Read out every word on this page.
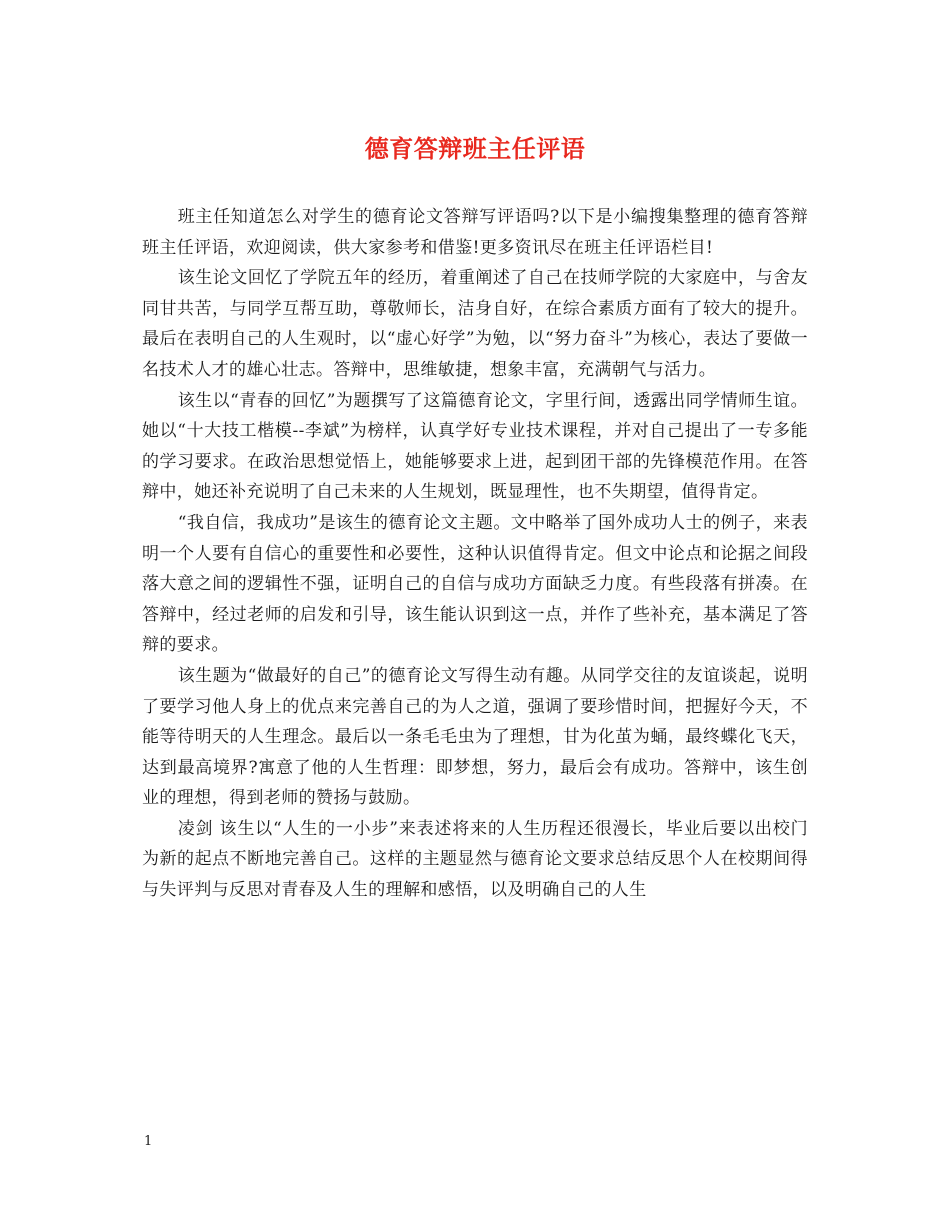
德育答辩班主任评语

班主任知道怎么对学生的德育论文答辩写评语吗?以下是小编搜集整理的德育答辩班主任评语，欢迎阅读，供大家参考和借鉴!更多资讯尽在班主任评语栏目!

该生论文回忆了学院五年的经历，着重阐述了自己在技师学院的大家庭中，与舍友同甘共苦，与同学互帮互助，尊敬师长，洁身自好，在综合素质方面有了较大的提升。最后在表明自己的人生观时，以“虚心好学”为勉，以“努力奋斗”为核心，表达了要做一名技术人才的雄心壮志。答辩中，思维敏捷，想象丰富，充满朝气与活力。

该生以“青春的回忆”为题撰写了这篇德育论文，字里行间，透露出同学情师生谊。她以“十大技工楷模--李斌”为榜样，认真学好专业技术课程，并对自己提出了一专多能的学习要求。在政治思想觉悟上，她能够要求上进，起到团干部的先锋模范作用。在答辩中，她还补充说明了自己未来的人生规划，既显理性，也不失期望，值得肯定。

“我自信，我成功”是该生的德育论文主题。文中略举了国外成功人士的例子，来表明一个人要有自信心的重要性和必要性，这种认识值得肯定。但文中论点和论据之间段落大意之间的逻辑性不强，证明自己的自信与成功方面缺乏力度。有些段落有拼凑。在答辩中，经过老师的启发和引导，该生能认识到这一点，并作了些补充，基本满足了答辩的要求。

该生题为“做最好的自己”的德育论文写得生动有趣。从同学交往的友谊谈起，说明了要学习他人身上的优点来完善自己的为人之道，强调了要珍惜时间，把握好今天，不能等待明天的人生理念。最后以一条毛毛虫为了理想，甘为化茧为蛹，最终蝶化飞天，达到最高境界?寓意了他的人生哲理：即梦想，努力，最后会有成功。答辩中，该生创业的理想，得到老师的赞扬与鼓励。

凌剑 该生以“人生的一小步”来表述将来的人生历程还很漫长，毕业后要以出校门为新的起点不断地完善自己。这样的主题显然与德育论文要求总结反思个人在校期间得与失评判与反思对青春及人生的理解和感悟，以及明确自己的人生

1
